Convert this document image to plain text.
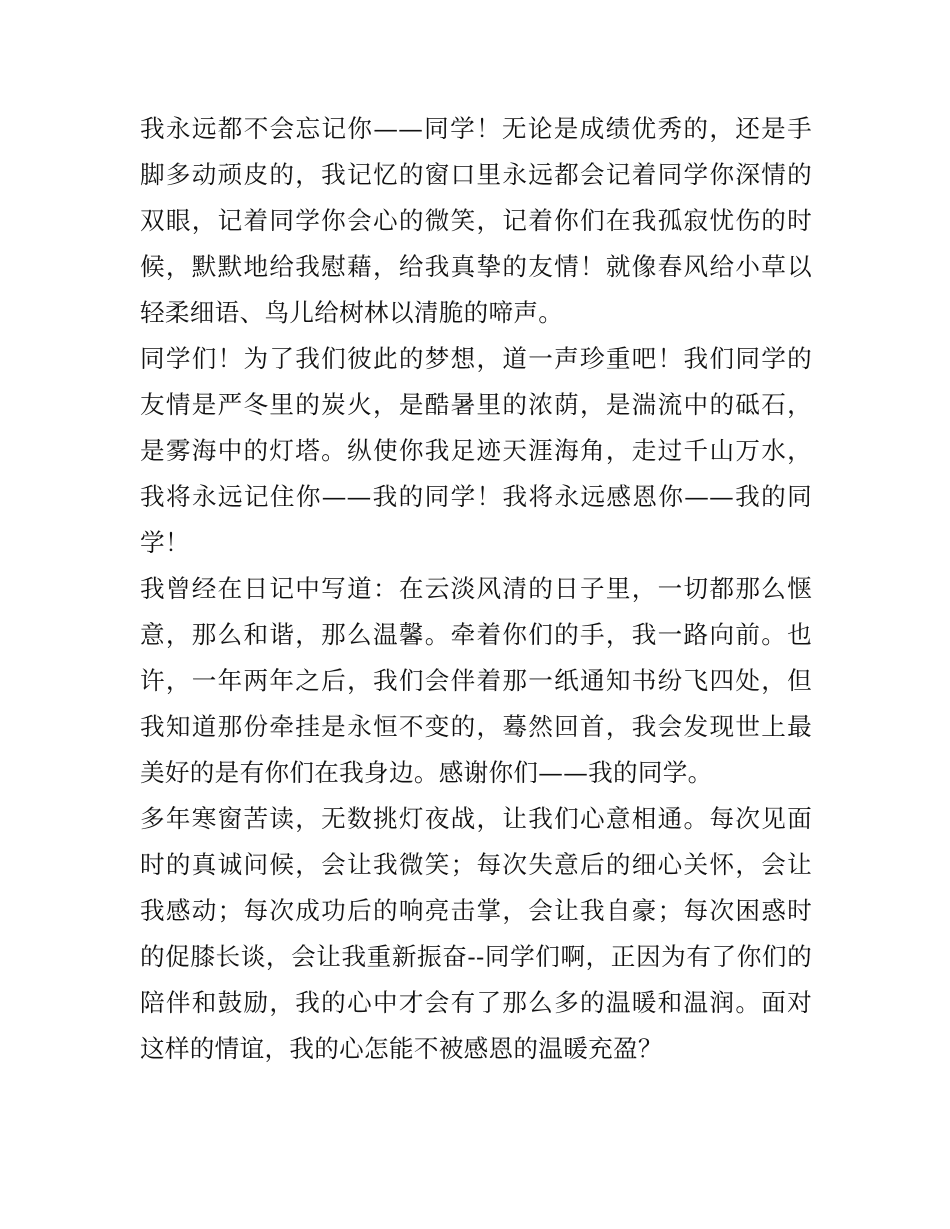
我永远都不会忘记你——同学！无论是成绩优秀的，还是手脚多动顽皮的，我记忆的窗口里永远都会记着同学你深情的双眼，记着同学你会心的微笑，记着你们在我孤寂忧伤的时候，默默地给我慰藉，给我真挚的友情！就像春风给小草以轻柔细语、鸟儿给树林以清脆的啼声。

同学们！为了我们彼此的梦想，道一声珍重吧！我们同学的友情是严冬里的炭火，是酷暑里的浓荫，是湍流中的砥石，是雾海中的灯塔。纵使你我足迹天涯海角，走过千山万水，我将永远记住你——我的同学！我将永远感恩你——我的同学！

我曾经在日记中写道：在云淡风清的日子里，一切都那么惬意，那么和谐，那么温馨。牵着你们的手，我一路向前。也许，一年两年之后，我们会伴着那一纸通知书纷飞四处，但我知道那份牵挂是永恒不变的，蓦然回首，我会发现世上最美好的是有你们在我身边。感谢你们——我的同学。

多年寒窗苦读，无数挑灯夜战，让我们心意相通。每次见面时的真诚问候，会让我微笑；每次失意后的细心关怀，会让我感动；每次成功后的响亮击掌，会让我自豪；每次困惑时的促膝长谈，会让我重新振奋--同学们啊，正因为有了你们的陪伴和鼓励，我的心中才会有了那么多的温暖和温润。面对这样的情谊，我的心怎能不被感恩的温暖充盈？
